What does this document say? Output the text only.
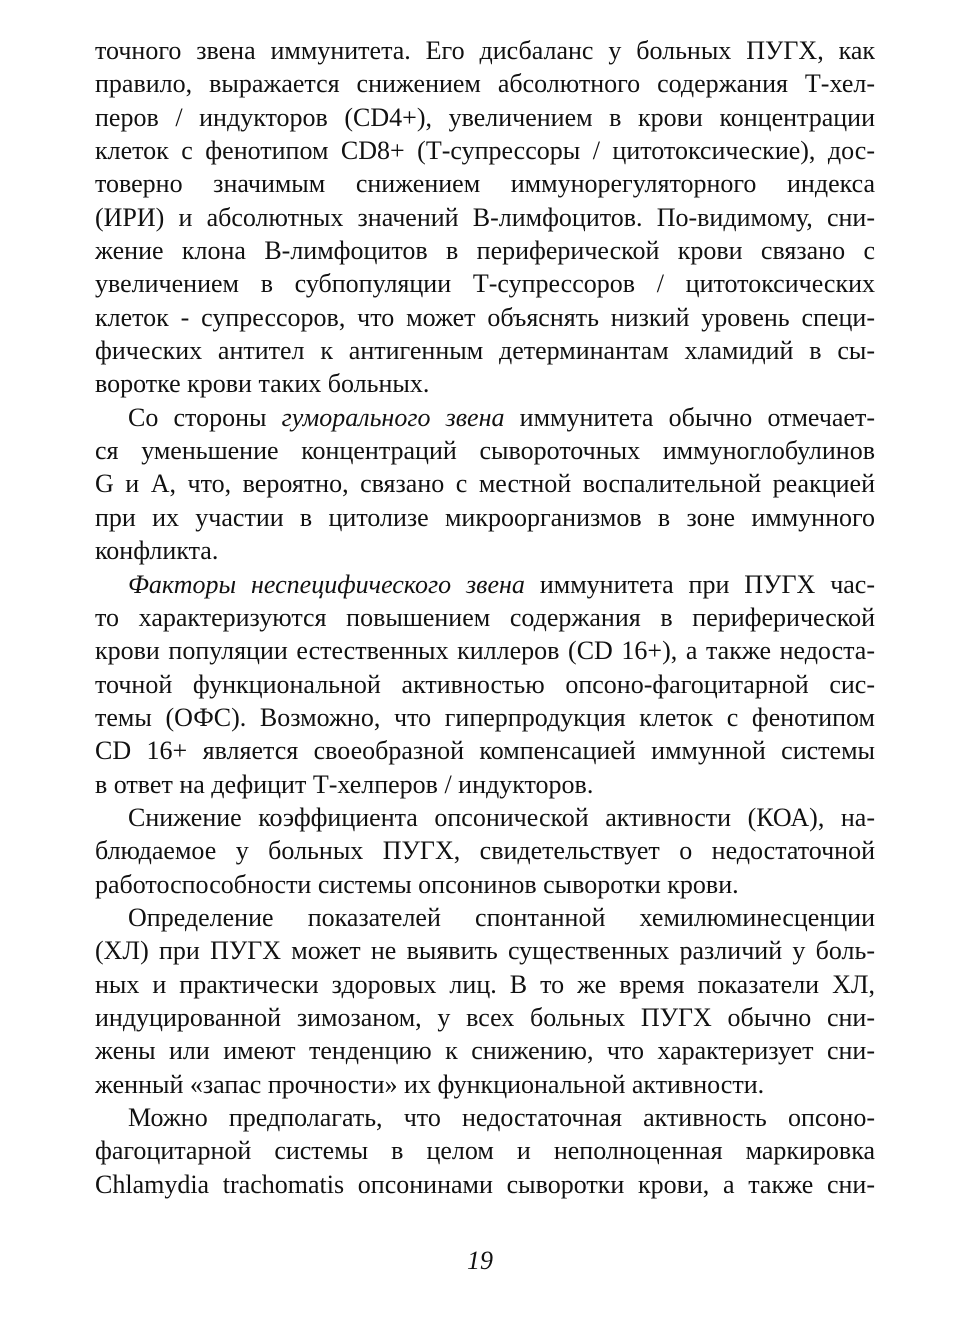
точного звена иммунитета. Его дисбаланс у больных ПУГХ, как
правило, выражается снижением абсолютного содержания Т-хел-
перов / индукторов (CD4+), увеличением в крови концентрации
клеток с фенотипом CD8+ (Т-супрессоры / цитотоксические), дос-
товерно значимым снижением иммунорегуляторного индекса
(ИРИ) и абсолютных значений В-лимфоцитов. По-видимому, сни-
жение клона В-лимфоцитов в периферической крови связано с
увеличением в субпопуляции Т-супрессоров / цитотоксических
клеток - супрессоров, что может объяснять низкий уровень специ-
фических антител к антигенным детерминантам хламидий в сы-
воротке крови таких больных.

Со стороны гуморального звена иммунитета обычно отмечает-
ся уменьшение концентраций сывороточных иммуноглобулинов
G и А, что, вероятно, связано с местной воспалительной реакцией
при их участии в цитолизе микроорганизмов в зоне иммунного
конфликта.

Факторы неспецифического звена иммунитета при ПУГХ час-
то характеризуются повышением содержания в периферической
крови популяции естественных киллеров (CD 16+), а также недоста-
точной функциональной активностью опсоно-фагоцитарной сис-
темы (ОФС). Возможно, что гиперпродукция клеток с фенотипом
CD 16+ является своеобразной компенсацией иммунной системы
в ответ на дефицит Т-хелперов / индукторов.

Снижение коэффициента опсонической активности (КОА), на-
блюдаемое у больных ПУГХ, свидетельствует о недостаточной
работоспособности системы опсонинов сыворотки крови.

Определение показателей спонтанной хемилюминесценции
(ХЛ) при ПУГХ может не выявить существенных различий у боль-
ных и практически здоровых лиц. В то же время показатели ХЛ,
индуцированной зимозаном, у всех больных ПУГХ обычно сни-
жены или имеют тенденцию к снижению, что характеризует сни-
женный «запас прочности» их функциональной активности.

Можно предполагать, что недостаточная активность опсоно-
фагоцитарной системы в целом и неполноценная маркировка
Chlamydia trachomatis опсонинами сыворотки крови, а также сни-

19
